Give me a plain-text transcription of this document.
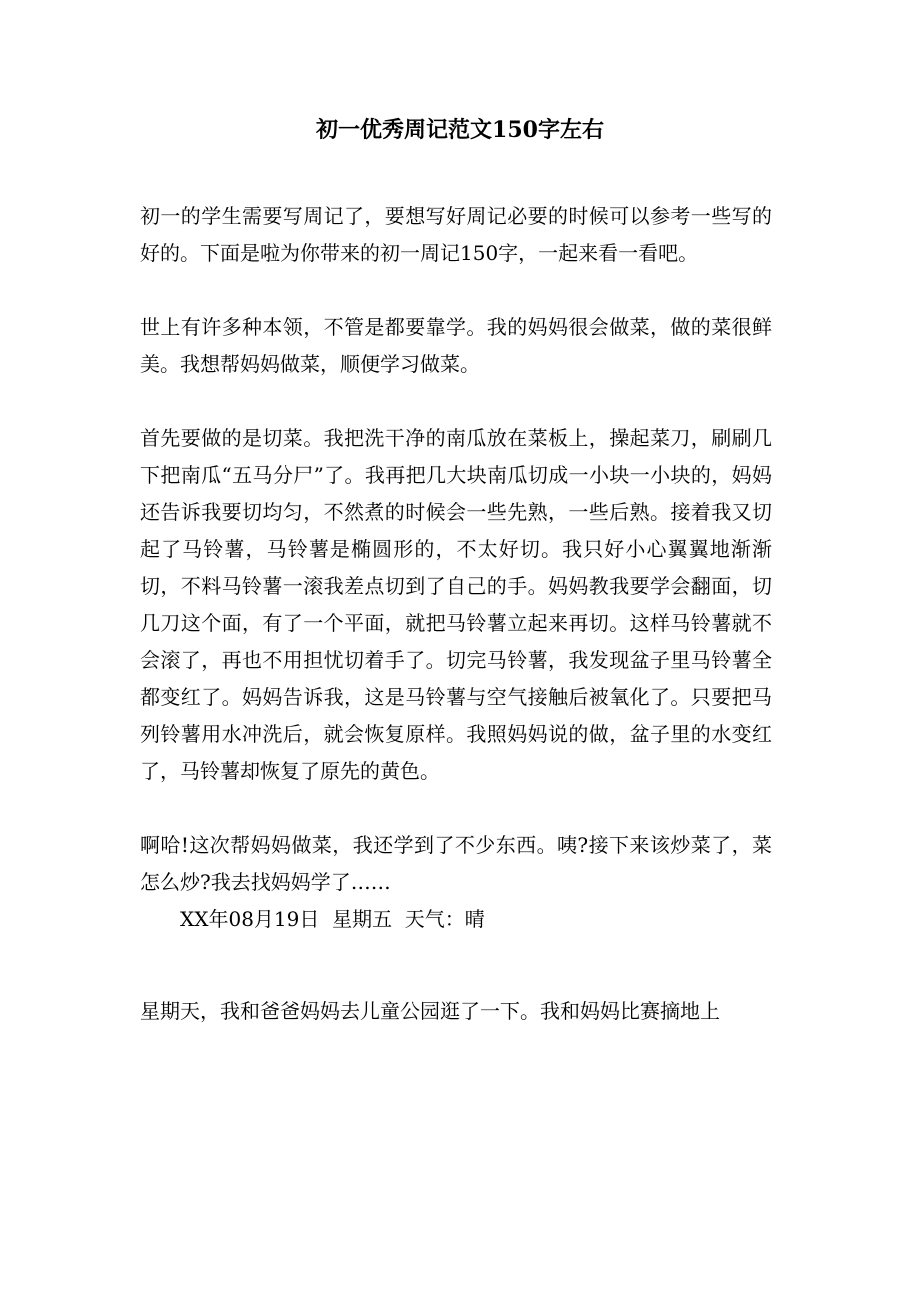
初一优秀周记范文150字左右

初一的学生需要写周记了，要想写好周记必要的时候可以参考一些写的好的。下面是啦为你带来的初一周记150字，一起来看一看吧。

世上有许多种本领，不管是都要靠学。我的妈妈很会做菜，做的菜很鲜美。我想帮妈妈做菜，顺便学习做菜。

首先要做的是切菜。我把洗干净的南瓜放在菜板上，操起菜刀，刷刷几下把南瓜“五马分尸”了。我再把几大块南瓜切成一小块一小块的，妈妈还告诉我要切均匀，不然煮的时候会一些先熟，一些后熟。接着我又切起了马铃薯，马铃薯是椭圆形的，不太好切。我只好小心翼翼地渐渐切，不料马铃薯一滚我差点切到了自己的手。妈妈教我要学会翻面，切几刀这个面，有了一个平面，就把马铃薯立起来再切。这样马铃薯就不会滚了，再也不用担忧切着手了。切完马铃薯，我发现盆子里马铃薯全都变红了。妈妈告诉我，这是马铃薯与空气接触后被氧化了。只要把马列铃薯用水冲洗后，就会恢复原样。我照妈妈说的做，盆子里的水变红了，马铃薯却恢复了原先的黄色。

啊哈!这次帮妈妈做菜，我还学到了不少东西。咦?接下来该炒菜了，菜怎么炒?我去找妈妈学了……

XX年08月19日  星期五  天气：晴

星期天，我和爸爸妈妈去儿童公园逛了一下。我和妈妈比赛摘地上
